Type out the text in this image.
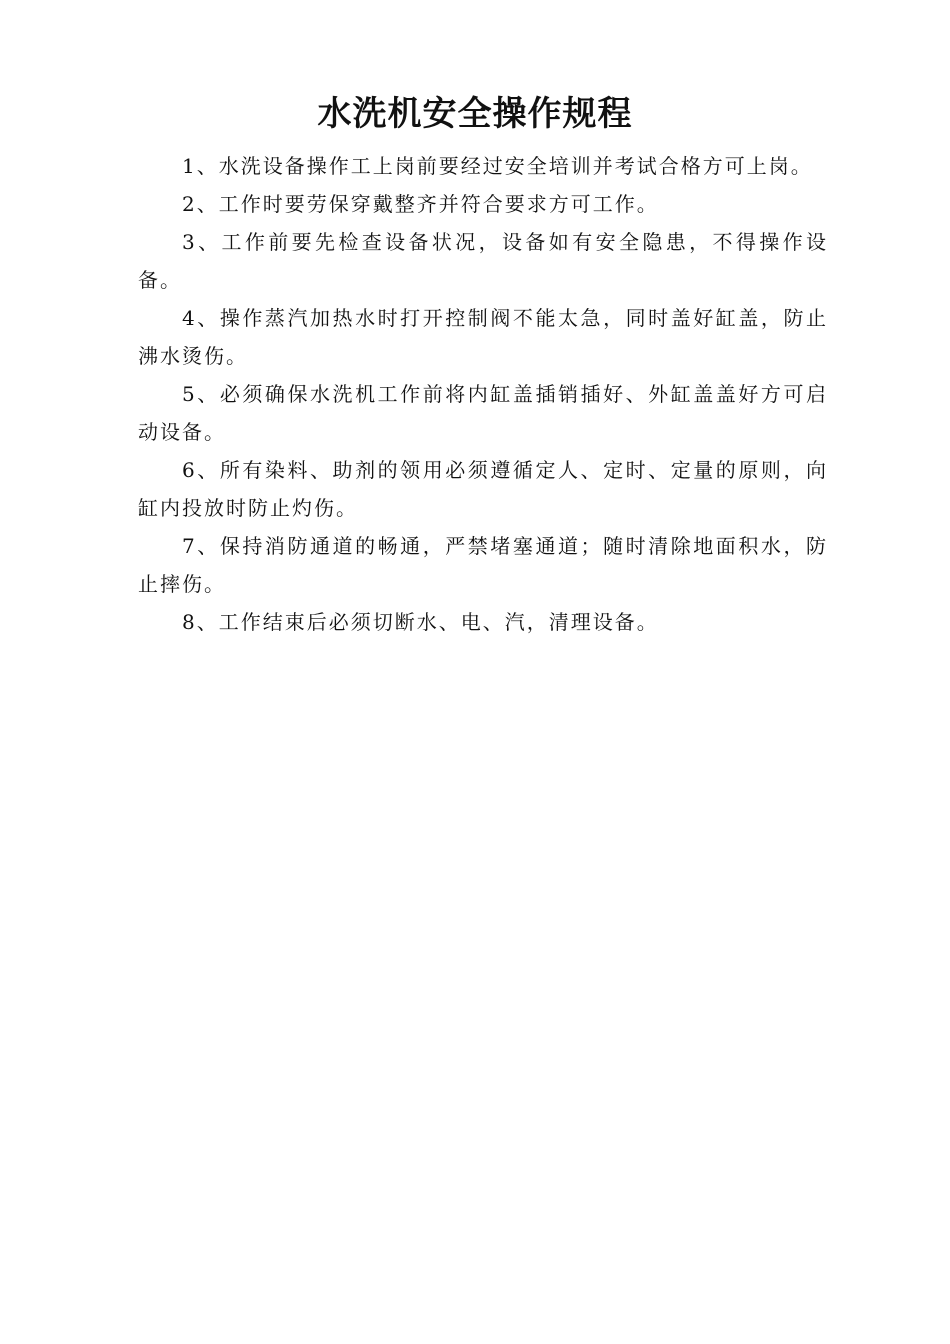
水洗机安全操作规程

1、水洗设备操作工上岗前要经过安全培训并考试合格方可上岗。

2、工作时要劳保穿戴整齐并符合要求方可工作。

3、工作前要先检查设备状况，设备如有安全隐患，不得操作设备。

4、操作蒸汽加热水时打开控制阀不能太急，同时盖好缸盖，防止沸水烫伤。

5、必须确保水洗机工作前将内缸盖插销插好、外缸盖盖好方可启动设备。

6、所有染料、助剂的领用必须遵循定人、定时、定量的原则，向缸内投放时防止灼伤。

7、保持消防通道的畅通，严禁堵塞通道；随时清除地面积水，防止摔伤。

8、工作结束后必须切断水、电、汽，清理设备。
